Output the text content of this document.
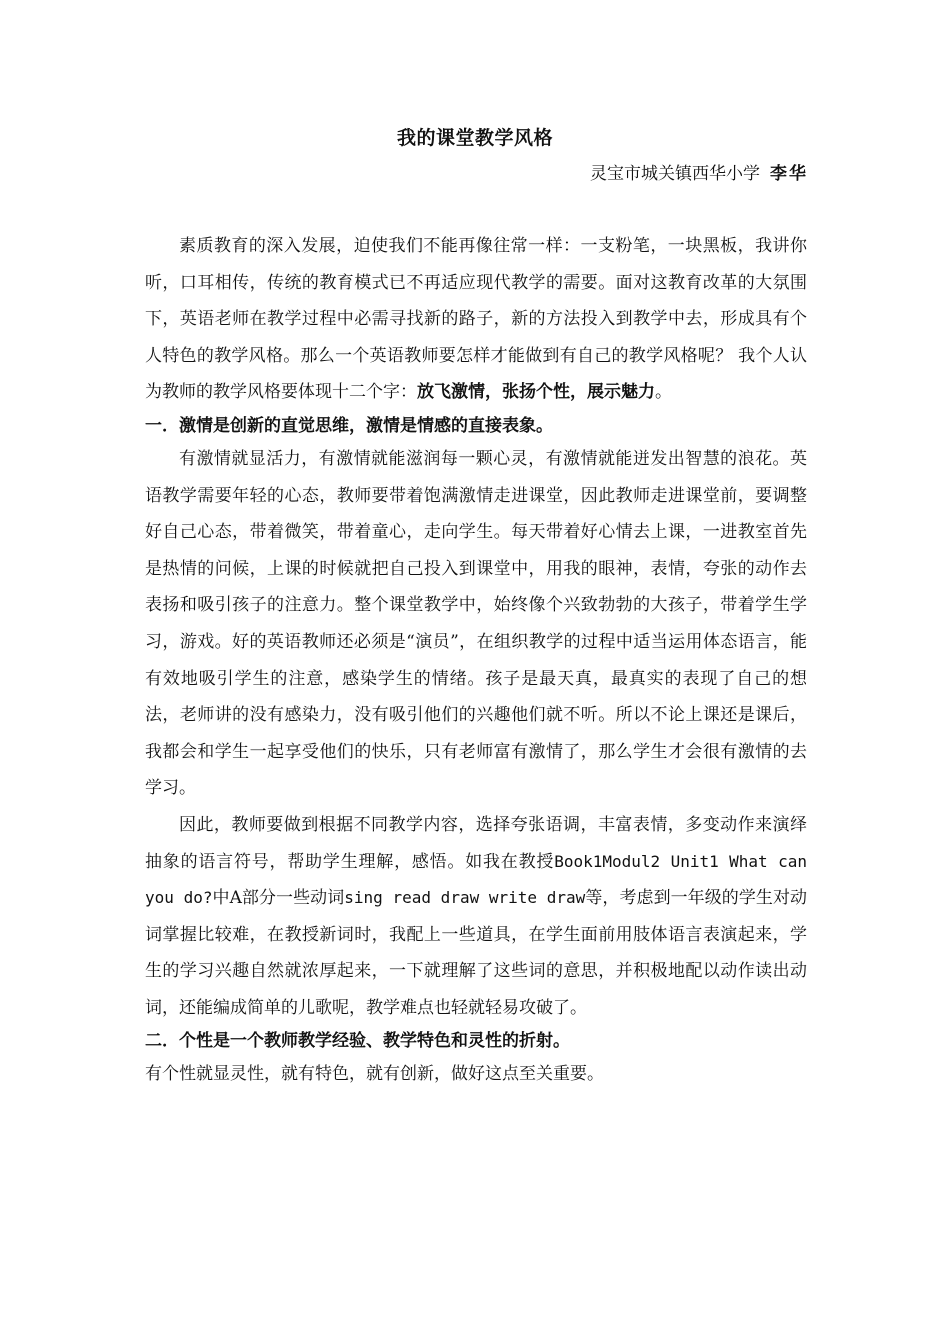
我的课堂教学风格
灵宝市城关镇西华小学 李华

素质教育的深入发展，迫使我们不能再像往常一样：一支粉笔，一块黑板，我讲你听，口耳相传，传统的教育模式已不再适应现代教学的需要。面对这教育改革的大氛围下，英语老师在教学过程中必需寻找新的路子，新的方法投入到教学中去，形成具有个人特色的教学风格。那么一个英语教师要怎样才能做到有自己的教学风格呢？ 我个人认为教师的教学风格要体现十二个字：放飞激情，张扬个性，展示魅力。

一．激情是创新的直觉思维，激情是情感的直接表象。

有激情就显活力，有激情就能滋润每一颗心灵，有激情就能迸发出智慧的浪花。英语教学需要年轻的心态，教师要带着饱满激情走进课堂，因此教师走进课堂前，要调整好自己心态，带着微笑，带着童心，走向学生。每天带着好心情去上课，一进教室首先是热情的问候，上课的时候就把自己投入到课堂中，用我的眼神，表情，夸张的动作去表扬和吸引孩子的注意力。整个课堂教学中，始终像个兴致勃勃的大孩子，带着学生学习，游戏。好的英语教师还必须是“演员”，在组织教学的过程中适当运用体态语言，能有效地吸引学生的注意，感染学生的情绪。孩子是最天真，最真实的表现了自己的想法，老师讲的没有感染力，没有吸引他们的兴趣他们就不听。所以不论上课还是课后，我都会和学生一起享受他们的快乐，只有老师富有激情了，那么学生才会很有激情的去学习。

因此，教师要做到根据不同教学内容，选择夸张语调，丰富表情，多变动作来演绎抽象的语言符号，帮助学生理解，感悟。如我在教授Book1Modul2 Unit1 What can you do?中A部分一些动词sing read draw write draw等，考虑到一年级的学生对动词掌握比较难，在教授新词时，我配上一些道具，在学生面前用肢体语言表演起来，学生的学习兴趣自然就浓厚起来，一下就理解了这些词的意思，并积极地配以动作读出动词，还能编成简单的儿歌呢，教学难点也轻就轻易攻破了。

二．个性是一个教师教学经验、教学特色和灵性的折射。

有个性就显灵性，就有特色，就有创新，做好这点至关重要。
